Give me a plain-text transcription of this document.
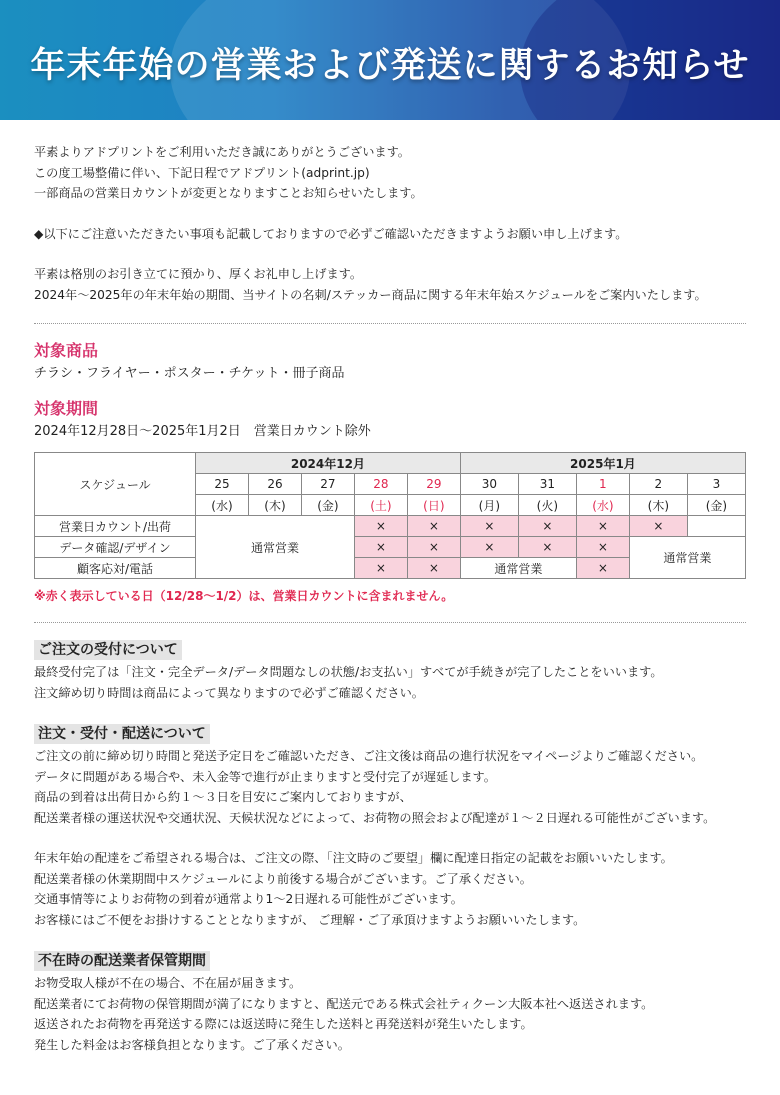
年末年始の営業および発送に関するお知らせ

平素よりアドプリントをご利用いただき誠にありがとうございます。

この度工場整備に伴い、下記日程でアドプリント(adprint.jp)

一部商品の営業日カウントが変更となりますことお知らせいたします。

◆以下にご注意いただきたい事項も記載しておりますので必ずご確認いただきますようお願い申し上げます。

平素は格別のお引き立てに預かり、厚くお礼申し上げます。

2024年～2025年の年末年始の期間、当サイトの名刺/ステッカー商品に関する年末年始スケジュールをご案内いたします。

対象商品

チラシ・フライヤー・ポスター・チケット・冊子商品

対象期間

2024年12月28日～2025年1月2日　営業日カウント除外

スケジュール	2024年12月					2025年1月				
	25	26	27	28	29	30	31	1	2	3
	(水)	(木)	(金)	(土)	(日)	(月)	(火)	(水)	(木)	(金)
営業日カウント/出荷	通常営業			×	×	×	×	×	×	
データ確認/デザイン				×	×	×	×	×	通常営業	
顧客応対/電話				×	×	通常営業		×		

※赤く表示している日（12/28～1/2）は、営業日カウントに含まれません。

ご注文の受付について

最終受付完了は「注文・完全データ/データ問題なしの状態/お支払い」すべてが手続きが完了したことをいいます。

注文締め切り時間は商品によって異なりますので必ずご確認ください。

注文・受付・配送について

ご注文の前に締め切り時間と発送予定日をご確認いただき、ご注文後は商品の進行状況をマイページよりご確認ください。

データに問題がある場合や、未入金等で進行が止まりますと受付完了が遅延します。

商品の到着は出荷日から約１～３日を目安にご案内しておりますが、

配送業者様の運送状況や交通状況、天候状況などによって、お荷物の照会および配達が１～２日遅れる可能性がございます。

年末年始の配達をご希望される場合は、ご注文の際、「注文時のご要望」欄に配達日指定の記載をお願いいたします。

配送業者様の休業期間中スケジュールにより前後する場合がございます。ご了承ください。

交通事情等によりお荷物の到着が通常より1～2日遅れる可能性がございます。

お客様にはご不便をお掛けすることとなりますが、 ご理解・ご了承頂けますようお願いいたします。

不在時の配送業者保管期間

お物受取人様が不在の場合、不在届が届きます。

配送業者にてお荷物の保管期間が満了になりますと、配送元である株式会社ティクーン大阪本社へ返送されます。

返送されたお荷物を再発送する際には返送時に発生した送料と再発送料が発生いたします。

発生した料金はお客様負担となります。ご了承ください。
